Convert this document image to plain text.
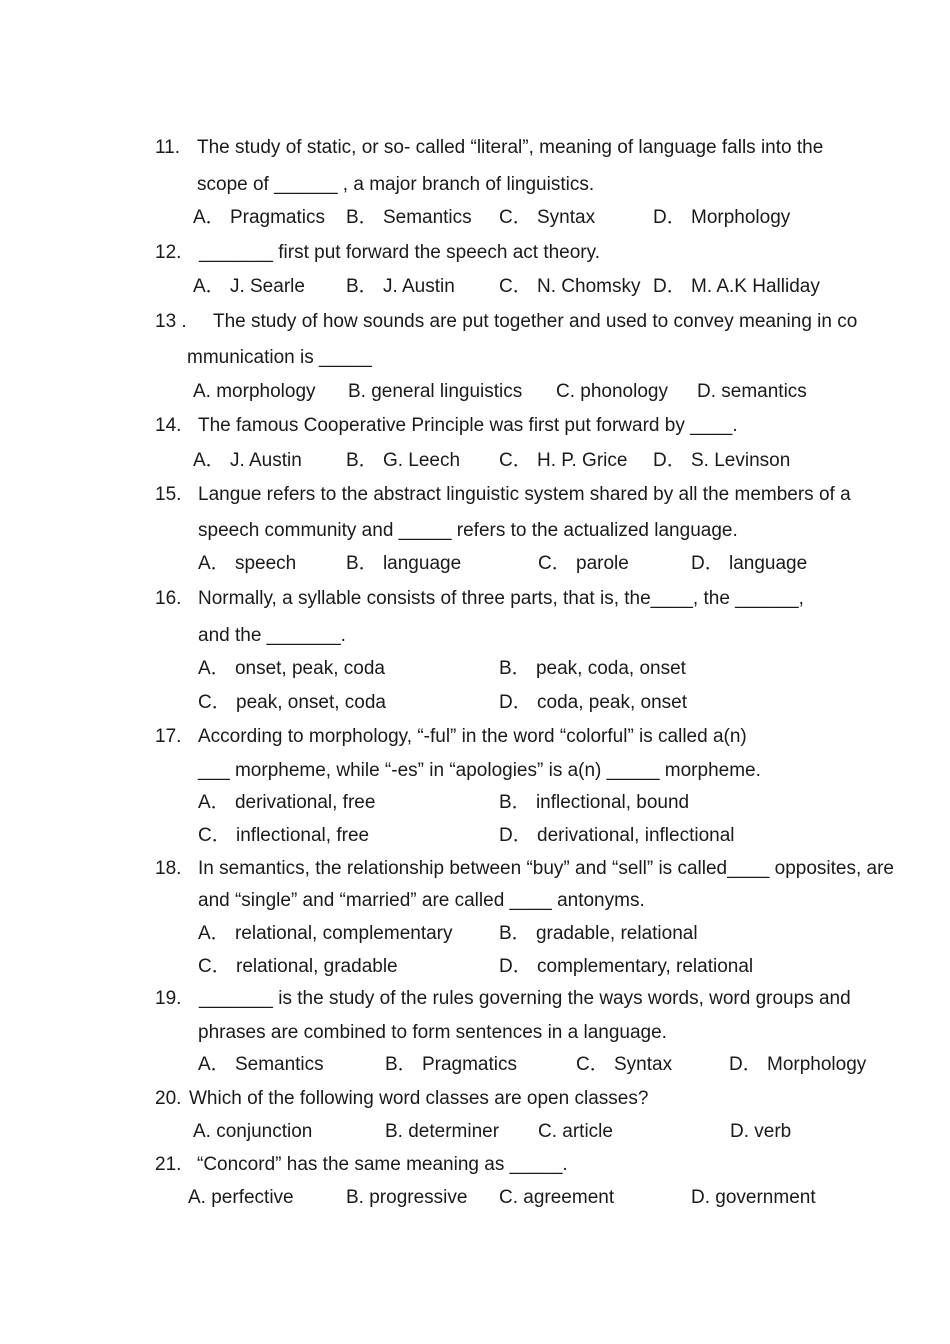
11. The study of static, or so- called “literal”, meaning of language falls into the
scope of ______ , a major branch of linguistics.
A． Pragmatics B． Semantics C． Syntax	D． Morphology
12. _______ first put forward the speech act theory.
A． J. Searle B． J. Austin C． N. Chomsky D． M. A.K Halliday
13 . The study of how sounds are put together and used to convey meaning in co
mmunication is _____
A. morphology B. general linguistics C. phonology D. semantics
14. The famous Cooperative Principle was first put forward by ____.
A． J. Austin B． G. Leech C． H. P. Grice D． S. Levinson
15. Langue refers to the abstract linguistic system shared by all the members of a
speech community and _____ refers to the actualized language.
A． speech	B． language	C． parole	D． language
16. Normally, a syllable consists of three parts, that is, the____, the ______,
and the _______.
A． onset, peak, coda	B． peak, coda, onset
C． peak, onset, coda	D． coda, peak, onset
17. According to morphology, “-ful” in the word “colorful” is called a(n)
___ morpheme, while “-es” in “apologies” is a(n) _____ morpheme.
A． derivational, free	B． inflectional, bound
C． inflectional, free	D． derivational, inflectional
18. In semantics, the relationship between “buy” and “sell” is called____ opposites, are
and “single” and “married” are called ____ antonyms.
A． relational, complementary B． gradable, relational
C． relational, gradable	D． complementary, relational
19. _______ is the study of the rules governing the ways words, word groups and
phrases are combined to form sentences in a language.
A． Semantics	B． Pragmatics	C． Syntax	D． Morphology
20. Which of the following word classes are open classes?
A. conjunction	B. determiner C. article	D. verb
21. “Concord” has the same meaning as _____.
A. perfective	B. progressive C. agreement	D. government
